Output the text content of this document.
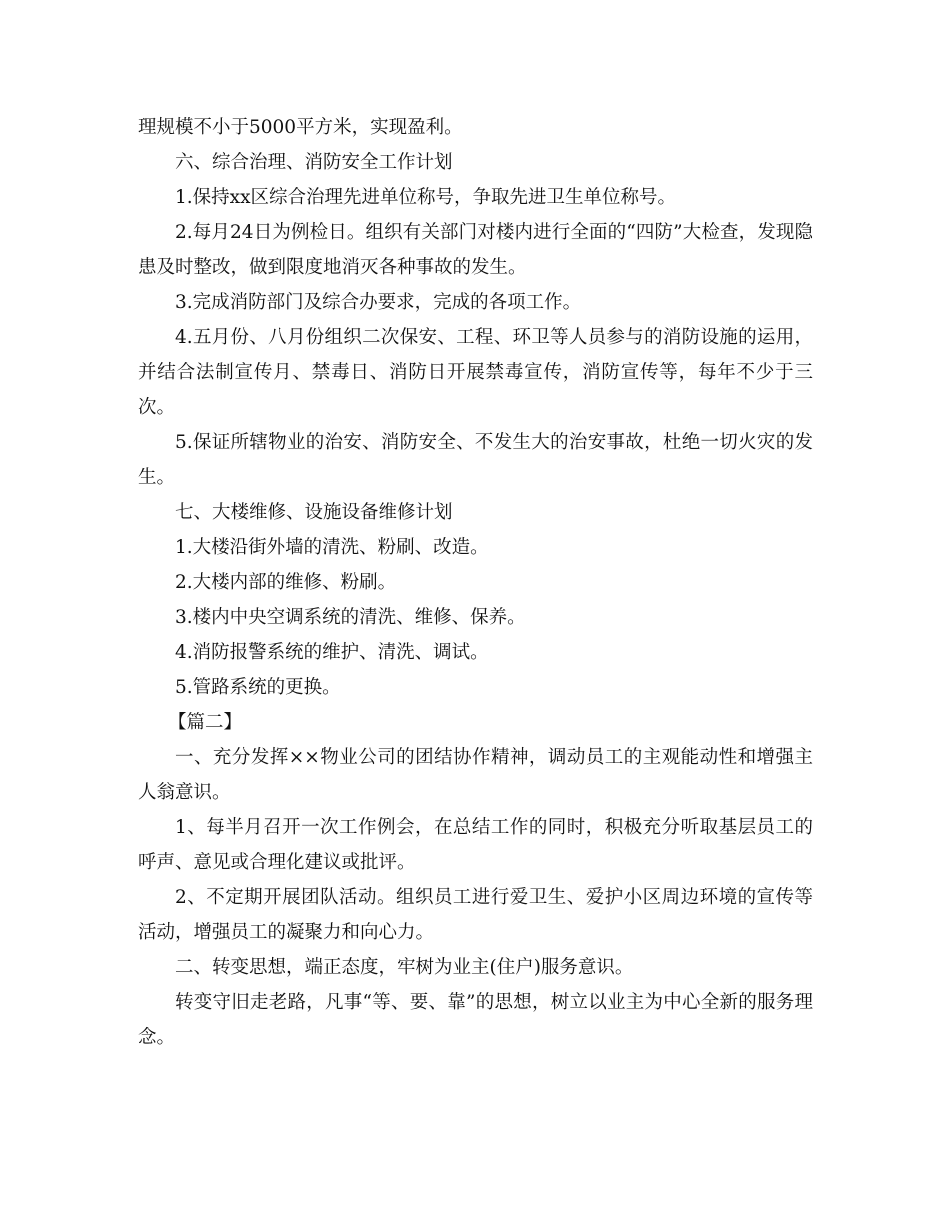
理规模不小于5000平方米，实现盈利。

六、综合治理、消防安全工作计划

1.保持xx区综合治理先进单位称号，争取先进卫生单位称号。

2.每月24日为例检日。组织有关部门对楼内进行全面的“四防”大检查，发现隐患及时整改，做到限度地消灭各种事故的发生。

3.完成消防部门及综合办要求，完成的各项工作。

4.五月份、八月份组织二次保安、工程、环卫等人员参与的消防设施的运用，并结合法制宣传月、禁毒日、消防日开展禁毒宣传，消防宣传等，每年不少于三次。

5.保证所辖物业的治安、消防安全、不发生大的治安事故，杜绝一切火灾的发生。

七、大楼维修、设施设备维修计划

1.大楼沿街外墙的清洗、粉刷、改造。

2.大楼内部的维修、粉刷。

3.楼内中央空调系统的清洗、维修、保养。

4.消防报警系统的维护、清洗、调试。

5.管路系统的更换。

【篇二】

一、充分发挥××物业公司的团结协作精神，调动员工的主观能动性和增强主人翁意识。

1、每半月召开一次工作例会，在总结工作的同时，积极充分听取基层员工的呼声、意见或合理化建议或批评。

2、不定期开展团队活动。组织员工进行爱卫生、爱护小区周边环境的宣传等活动，增强员工的凝聚力和向心力。

二、转变思想，端正态度，牢树为业主(住户)服务意识。

转变守旧走老路，凡事“等、要、靠”的思想，树立以业主为中心全新的服务理念。
